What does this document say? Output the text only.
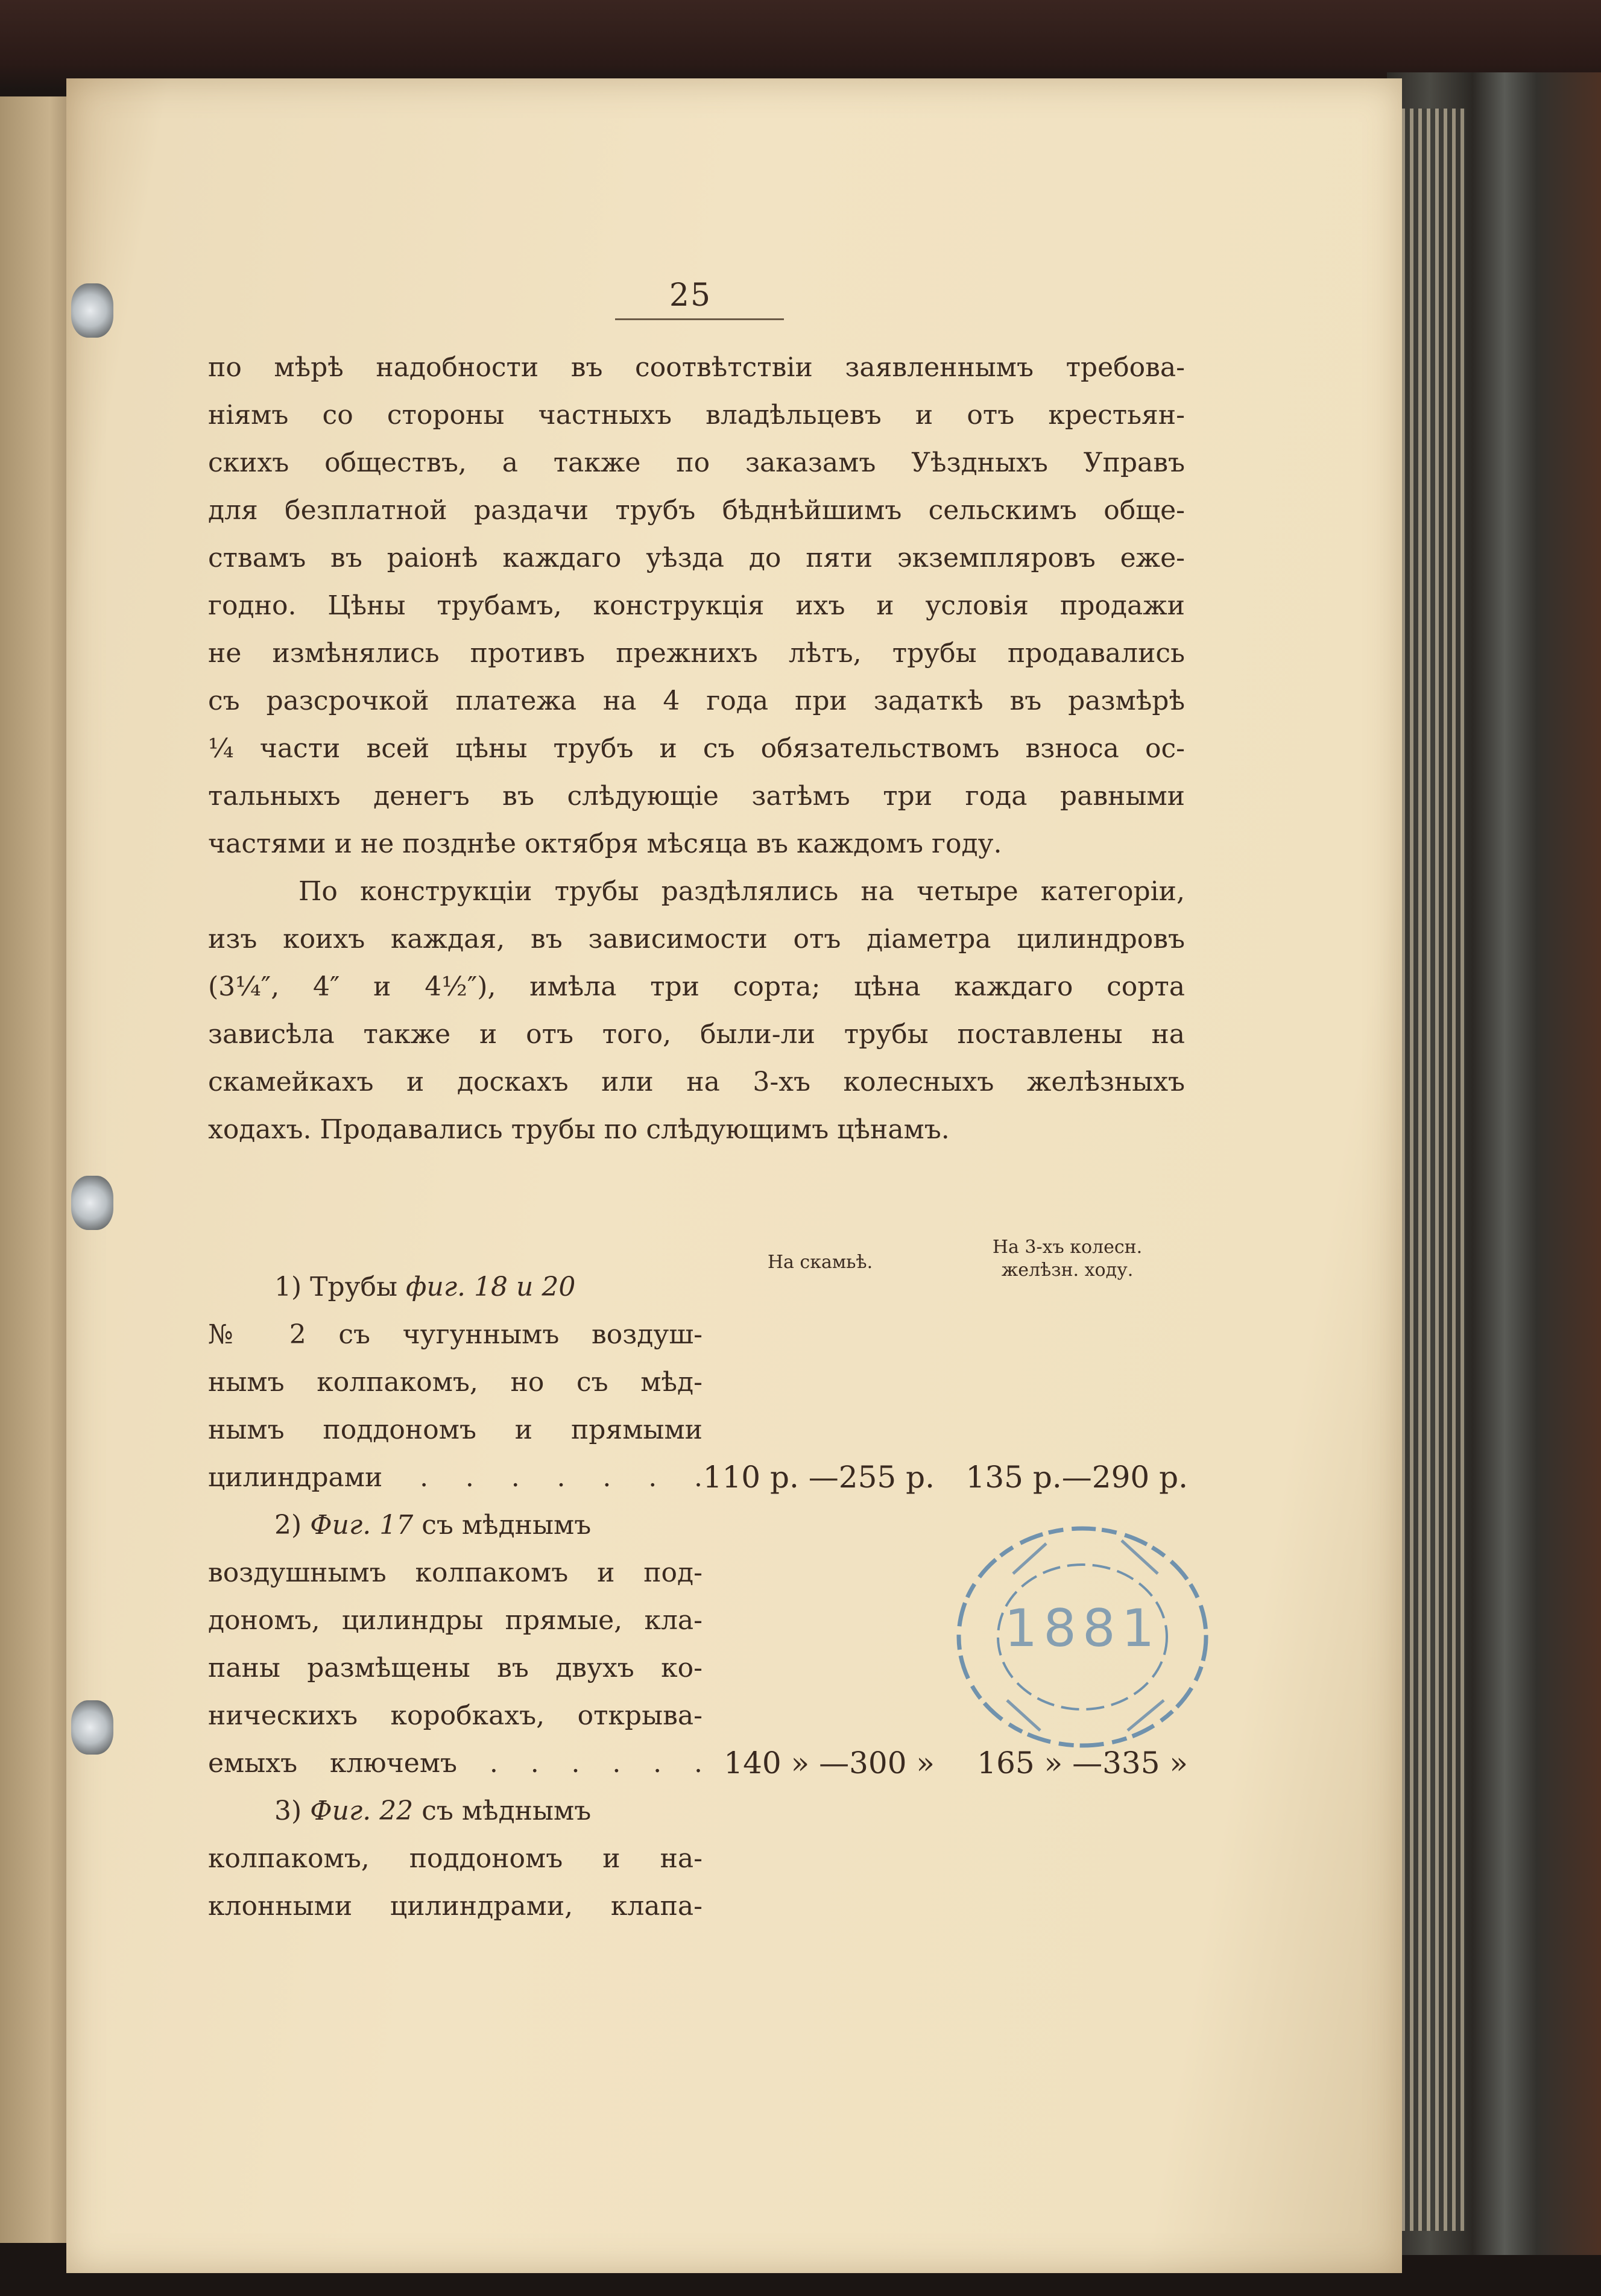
25
по мѣрѣ надобности въ соотвѣтствіи заявленнымъ требова-
ніямъ со стороны частныхъ владѣльцевъ и отъ крестьян-
скихъ обществъ, а также по заказамъ Уѣздныхъ Управъ
для безплатной раздачи трубъ бѣднѣйшимъ сельскимъ обще-
ствамъ въ раіонѣ каждаго уѣзда до пяти экземпляровъ еже-
годно. Цѣны трубамъ, конструкція ихъ и условія продажи
не измѣнялись противъ прежнихъ лѣтъ, трубы продавались
съ разсрочкой платежа на 4 года при задаткѣ въ размѣрѣ
¼ части всей цѣны трубъ и съ обязательствомъ взноса ос-
тальныхъ денегъ въ слѣдующіе затѣмъ три года равными
частями и не позднѣе октября мѣсяца въ каждомъ году.
По конструкціи трубы раздѣлялись на четыре категоріи,
изъ коихъ каждая, въ зависимости отъ діаметра цилиндровъ
(3¼″, 4″ и 4½″), имѣла три сорта; цѣна каждаго сорта
зависѣла также и отъ того, были-ли трубы поставлены на
скамейкахъ и доскахъ или на 3-хъ колесныхъ желѣзныхъ
ходахъ. Продавались трубы по слѣдующимъ цѣнамъ.
На скамьѣ.
На 3-хъ колесн.
желѣзн. ходу.
1) Трубы фиг. 18 и 20
№ 2 съ чугуннымъ воздуш-
нымъ колпакомъ, но съ мѣд-
нымъ поддономъ и прямыми
цилиндрами . . . . . . . 110 р. —255 р.	135 р.—290 р.
2) Фиг. 17 съ мѣднымъ
воздушнымъ колпакомъ и под-
дономъ, цилиндры прямые, кла-
паны размѣщены въ двухъ ко-
ническихъ коробкахъ, открыва-
емыхъ ключемъ . . . . . . 140 » —300 »	165 » —335 »
3) Фиг. 22 съ мѣднымъ
колпакомъ, поддономъ и на-
клонными цилиндрами, клапа-
1881
